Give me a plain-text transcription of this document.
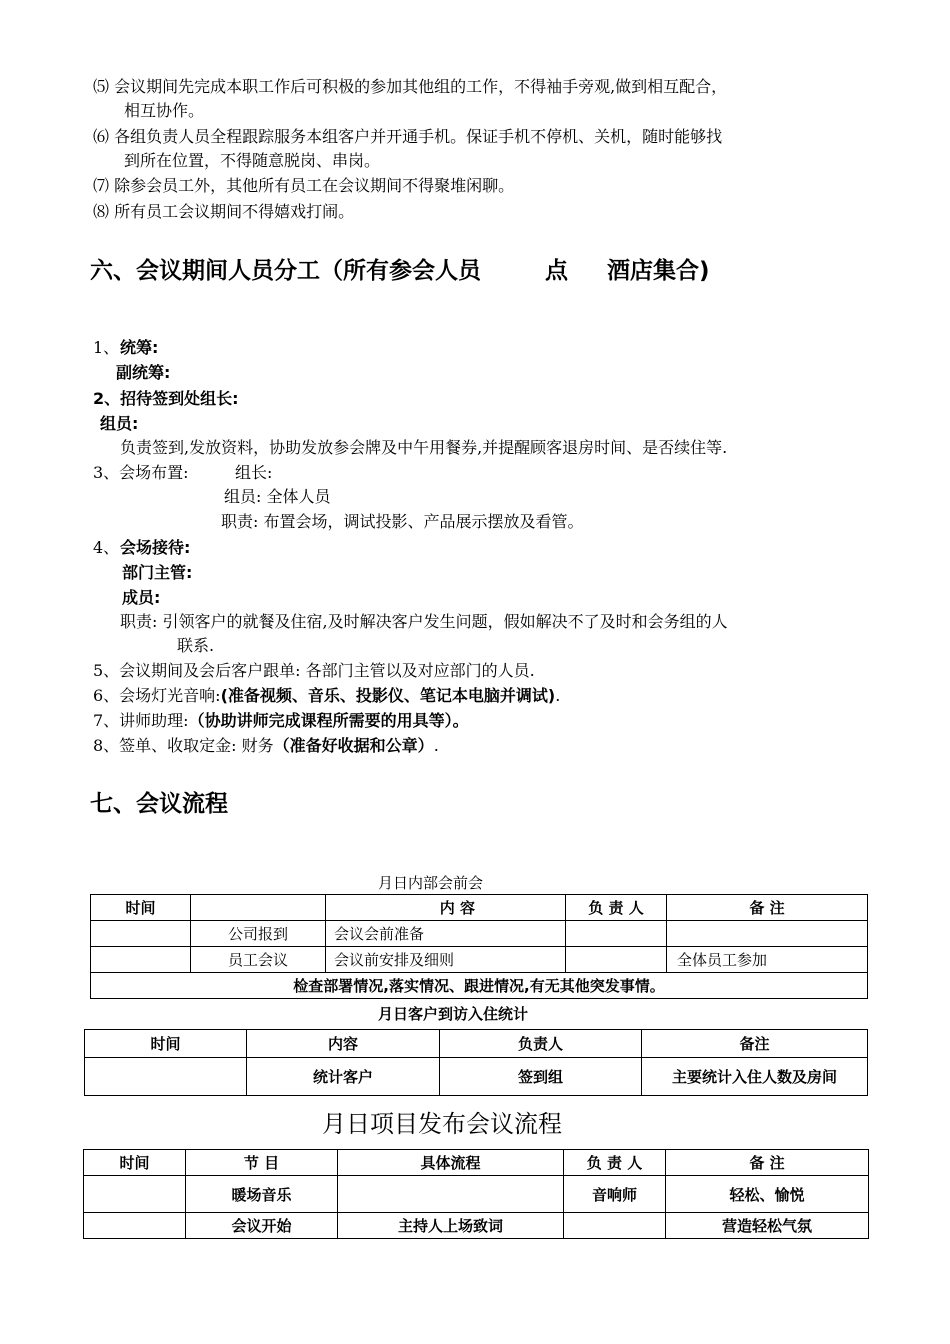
⑸ 会议期间先完成本职工作后可积极的参加其他组的工作，不得袖手旁观,做到相互配合，
相互协作。
⑹ 各组负责人员全程跟踪服务本组客户并开通手机。保证手机不停机、关机，随时能够找
到所在位置，不得随意脱岗、串岗。
⑺ 除参会员工外，其他所有员工在会议期间不得聚堆闲聊。
⑻ 所有员工会议期间不得嬉戏打闹。
六、会议期间人员分工（所有参会人员	点 酒店集合)
1、 统筹:
副统筹:
2、招待签到处组长:
组员:
负责签到,发放资料，协助发放参会牌及中午用餐券,并提醒顾客退房时间、是否续住等.
3、会场布置:	组长:
组员: 全体人员
职责: 布置会场，调试投影、产品展示摆放及看管。
4、 会场接待:
部门主管:
成员:
职责: 引领客户的就餐及住宿,及时解决客户发生问题，假如解决不了及时和会务组的人
联系.
5、会议期间及会后客户跟单: 各部门主管以及对应部门的人员.
6、会场灯光音响:(准备视频、音乐、投影仪、笔记本电脑并调试).
7、讲师助理:（协助讲师完成课程所需要的用具等）。
8、签单、收取定金: 财务（准备好收据和公章）.
七、会议流程
月日内部会前会
时间		内 容	负 责 人	备 注
	公司报到	会议会前准备		
	员工会议	会议前安排及细则		全体员工参加
检查部署情况,落实情况、跟进情况,有无其他突发事情。				
月日客户到访入住统计
时间	内容	负责人	备注
	统计客户	签到组	主要统计入住人数及房间
月日项目发布会议流程
时间	节 目	具体流程	负 责 人	备 注
	暖场音乐		音响师	轻松、愉悦
	会议开始	主持人上场致词		营造轻松气氛
